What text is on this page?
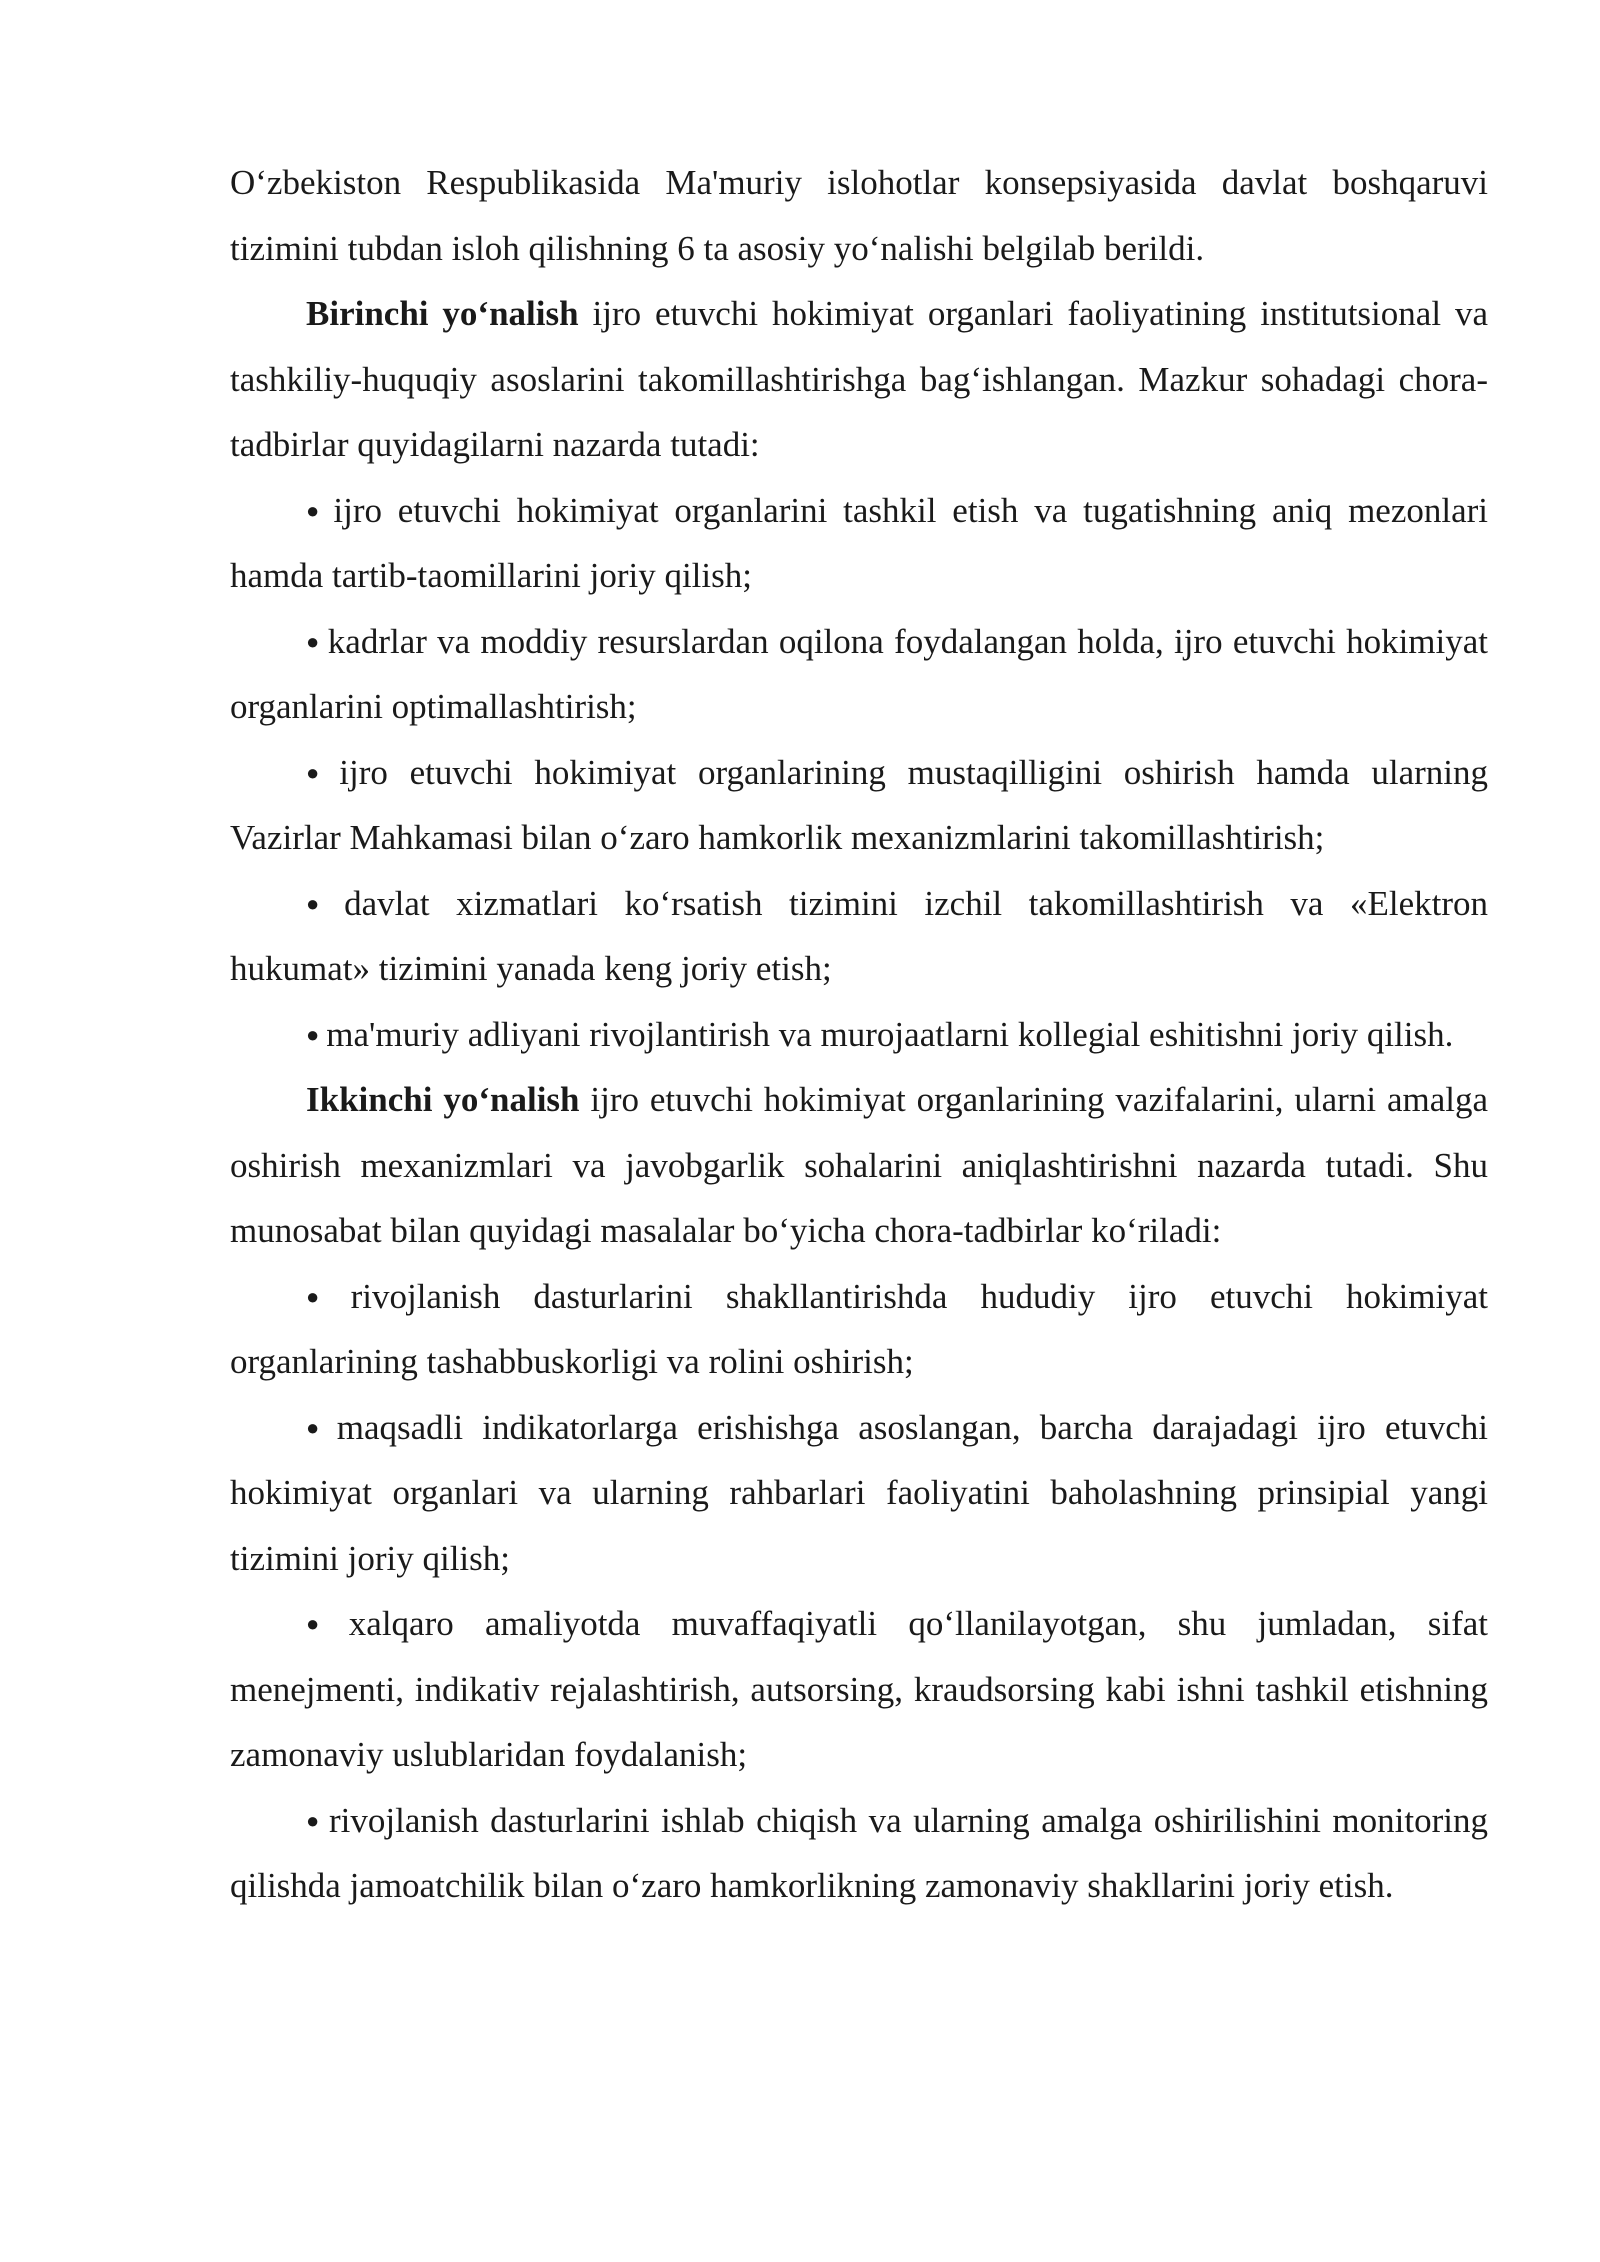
O‘zbekiston Respublikasida Ma'muriy islohotlar konsepsiyasida davlat boshqaruvi tizimini tubdan isloh qilishning 6 ta asosiy yo‘nalishi belgilab berildi.

Birinchi yo‘nalish ijro etuvchi hokimiyat organlari faoliyatining institutsional va tashkiliy-huquqiy asoslarini takomillashtirishga bag‘ishlangan. Mazkur sohadagi chora-tadbirlar quyidagilarni nazarda tutadi:

● ijro etuvchi hokimiyat organlarini tashkil etish va tugatishning aniq mezonlari hamda tartib-taomillarini joriy qilish;

● kadrlar va moddiy resurslardan oqilona foydalangan holda, ijro etuvchi hokimiyat organlarini optimallashtirish;

● ijro etuvchi hokimiyat organlarining mustaqilligini oshirish hamda ularning Vazirlar Mahkamasi bilan o‘zaro hamkorlik mexanizmlarini takomillashtirish;

● davlat xizmatlari ko‘rsatish tizimini izchil takomillashtirish va «Elektron hukumat» tizimini yanada keng joriy etish;

● ma'muriy adliyani rivojlantirish va murojaatlarni kollegial eshitishni joriy qilish.

Ikkinchi yo‘nalish ijro etuvchi hokimiyat organlarining vazifalarini, ularni amalga oshirish mexanizmlari va javobgarlik sohalarini aniqlashtirishni nazarda tutadi. Shu munosabat bilan quyidagi masalalar bo‘yicha chora-tadbirlar ko‘riladi:

● rivojlanish dasturlarini shakllantirishda hududiy ijro etuvchi hokimiyat organlarining tashabbuskorligi va rolini oshirish;

● maqsadli indikatorlarga erishishga asoslangan, barcha darajadagi ijro etuvchi hokimiyat organlari va ularning rahbarlari faoliyatini baholashning prinsipial yangi tizimini joriy qilish;

● xalqaro amaliyotda muvaffaqiyatli qo‘llanilayotgan, shu jumladan, sifat menejmenti, indikativ rejalashtirish, autsorsing, kraudsorsing kabi ishni tashkil etishning zamonaviy uslublaridan foydalanish;

● rivojlanish dasturlarini ishlab chiqish va ularning amalga oshirilishini monitoring qilishda jamoatchilik bilan o‘zaro hamkorlikning zamonaviy shakllarini joriy etish.
